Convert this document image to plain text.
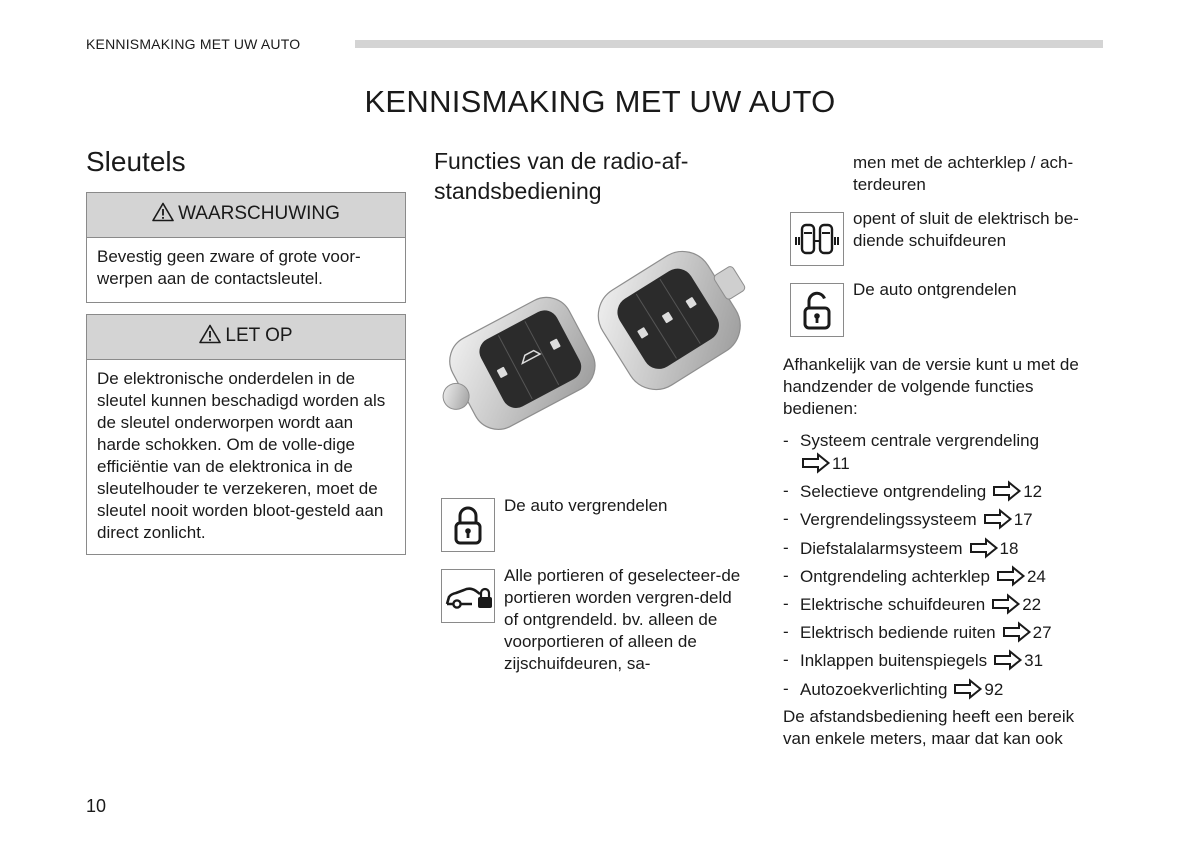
KENNISMAKING MET UW AUTO
KENNISMAKING MET UW AUTO
Sleutels
WAARSCHUWING
Bevestig geen zware of grote voor-werpen aan de contactsleutel.
LET OP
De elektronische onderdelen in de sleutel kunnen beschadigd worden als de sleutel onderworpen wordt aan harde schokken. Om de volle-dige efficiëntie van de elektronica in de sleutelhouder te verzekeren, moet de sleutel nooit worden bloot-gesteld aan direct zonlicht.
Functies van de radio-af-standsbediening
De auto vergrendelen
Alle portieren of geselecteer-de portieren worden vergren-deld of ontgrendeld. bv. alleen de voorportieren of alleen de zijschuifdeuren, sa-
men met de achterklep / ach-terdeuren
opent of sluit de elektrisch be-diende schuifdeuren
De auto ontgrendelen
Afhankelijk van de versie kunt u met de handzender de volgende functies bedienen:
- Systeem centrale vergrendeling
11
- Selectieve ontgrendeling 12
- Vergrendelingssysteem 17
- Diefstalalarmsysteem 18
- Ontgrendeling achterklep 24
- Elektrische schuifdeuren 22
- Elektrisch bediende ruiten 27
- Inklappen buitenspiegels 31
- Autozoekverlichting 92
De afstandsbediening heeft een bereik van enkele meters, maar dat kan ook
10
